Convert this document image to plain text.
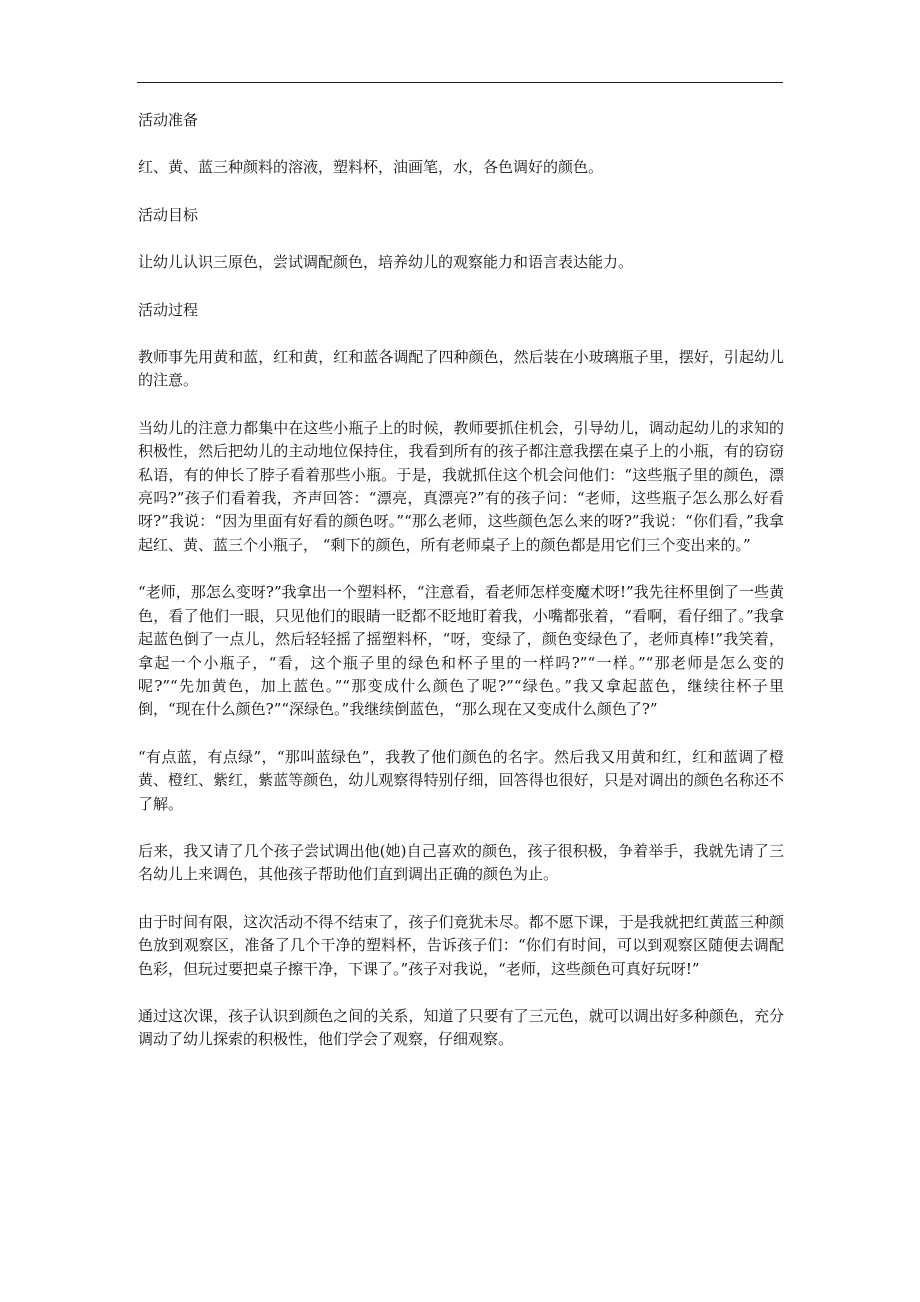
活动准备

红、黄、蓝三种颜料的溶液，塑料杯，油画笔，水，各色调好的颜色。

活动目标

让幼儿认识三原色，尝试调配颜色，培养幼儿的观察能力和语言表达能力。

活动过程

教师事先用黄和蓝，红和黄，红和蓝各调配了四种颜色，然后装在小玻璃瓶子里，摆好，引起幼儿的注意。

当幼儿的注意力都集中在这些小瓶子上的时候，教师要抓住机会，引导幼儿，调动起幼儿的求知的积极性，然后把幼儿的主动地位保持住，我看到所有的孩子都注意我摆在桌子上的小瓶，有的窃窃私语，有的伸长了脖子看着那些小瓶。于是，我就抓住这个机会问他们：“这些瓶子里的颜色，漂亮吗?”孩子们看着我，齐声回答：“漂亮，真漂亮?”有的孩子问：“老师，这些瓶子怎么那么好看呀?”我说：“因为里面有好看的颜色呀。”“那么老师，这些颜色怎么来的呀?”我说：“你们看，”我拿起红、黄、蓝三个小瓶子， “剩下的颜色，所有老师桌子上的颜色都是用它们三个变出来的。”

“老师，那怎么变呀?”我拿出一个塑料杯，“注意看，看老师怎样变魔术呀!”我先往杯里倒了一些黄色，看了他们一眼，只见他们的眼睛一眨都不眨地盯着我，小嘴都张着，“看啊，看仔细了。”我拿起蓝色倒了一点儿，然后轻轻摇了摇塑料杯，“呀，变绿了，颜色变绿色了，老师真棒!”我笑着，拿起一个小瓶子，“看，这个瓶子里的绿色和杯子里的一样吗?”“一样。”“那老师是怎么变的呢?”“先加黄色，加上蓝色。”“那变成什么颜色了呢?”“绿色。”我又拿起蓝色，继续往杯子里倒，“现在什么颜色?”“深绿色。”我继续倒蓝色，“那么现在又变成什么颜色了?”

“有点蓝，有点绿”，“那叫蓝绿色”，我教了他们颜色的名字。然后我又用黄和红，红和蓝调了橙黄、橙红、紫红，紫蓝等颜色，幼儿观察得特别仔细，回答得也很好，只是对调出的颜色名称还不了解。

后来，我又请了几个孩子尝试调出他(她)自己喜欢的颜色，孩子很积极，争着举手，我就先请了三名幼儿上来调色，其他孩子帮助他们直到调出正确的颜色为止。

由于时间有限，这次活动不得不结束了，孩子们竟犹未尽。都不愿下课，于是我就把红黄蓝三种颜色放到观察区，准备了几个干净的塑料杯，告诉孩子们：“你们有时间，可以到观察区随便去调配色彩，但玩过要把桌子擦干净，下课了。”孩子对我说，“老师，这些颜色可真好玩呀!”

通过这次课，孩子认识到颜色之间的关系，知道了只要有了三元色，就可以调出好多种颜色，充分调动了幼儿探索的积极性，他们学会了观察，仔细观察。
